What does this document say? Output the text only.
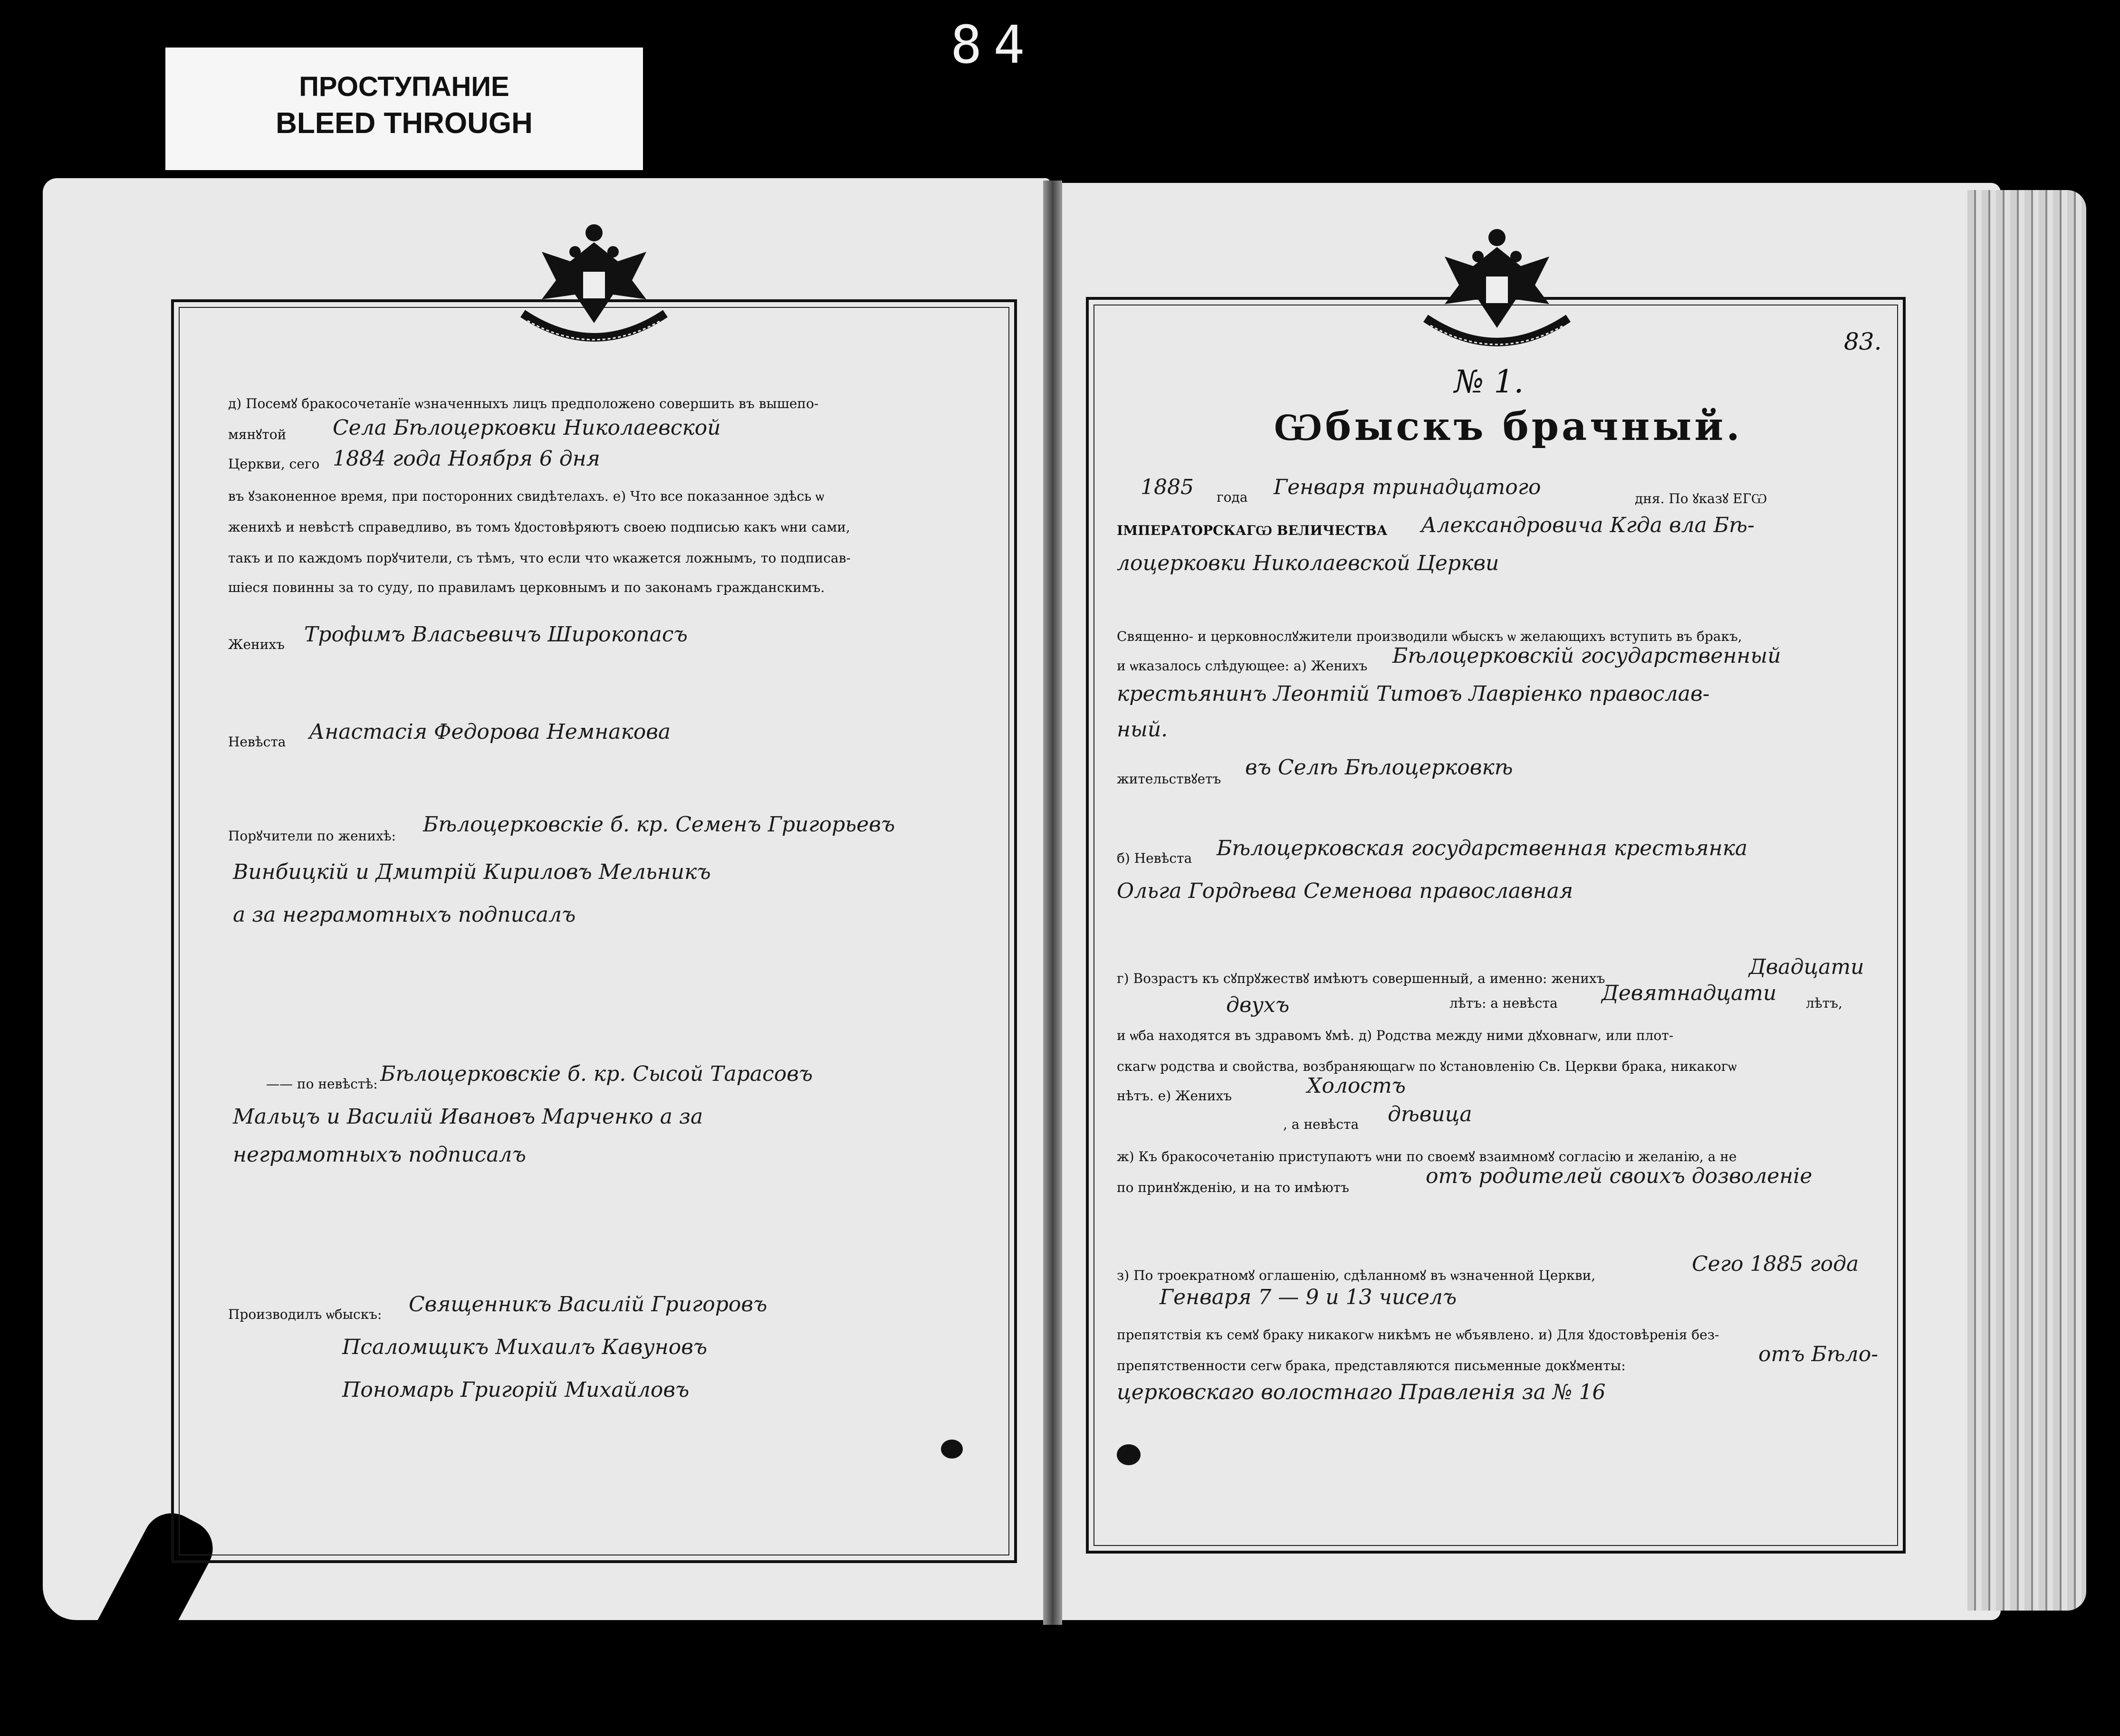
84
ПРОСТУПАНИЕ
BLEED THROUGH
д) Посемꙋ бракосочетанїе ѡзначенныхъ лицъ предположено совершить въ вышепо-
мянꙋтой Села Бѣлоцерковки Николаевской
Церкви, сего 1884 года Ноября 6 дня
въ ꙋзаконенное время, при посторонних свидѣтелахъ. е) Что все показанное здѣсь ѡ
женихѣ и невѣстѣ справедливо, въ томъ ꙋдостовѣряютъ своею подписью какъ ѡни сами,
такъ и по каждомъ порꙋчители, съ тѣмъ, что если что ѡкажется ложнымъ, то подписав-
шiеся повинны за то суду, по правиламъ церковнымъ и по законамъ гражданскимъ.
Женихъ Трофимъ Власьевичъ Широкопасъ
Невѣста Анастасiя Федорова Немнакова
Порꙋчители по женихѣ: Бѣлоцерковскiе б. кр. Семенъ Григорьевъ
Винбицкiй и Дмитрiй Кириловъ Мельникъ
а за неграмотныхъ подписалъ
—— по невѣстѣ: Бѣлоцерковскiе б. кр. Сысой Тарасовъ
Мальцъ и Василiй Ивановъ Марченко а за
неграмотныхъ подписалъ
Производилъ ѡбыскъ: Священникъ Василiй Григоровъ
Псаломщикъ Михаилъ Кавуновъ
Пономарь Григорiй Михайловъ
83.
№ 1.
Ѡбыскъ брачный.
1885 года Генваря тринадцатого	дня. По ꙋказꙋ ЕГѠ
ІМПЕРАТОРСКАГѠ ВЕЛИЧЕСТВА Александровича Кгда вла Бѣ-
лоцерковки Николаевской Церкви
Священно- и церковнослꙋжители производили ѡбыскъ ѡ желающихъ вступить въ бракъ,
и ѡказалось слѣдующее: а) Женихъ Бѣлоцерковскiй государственный
крестьянинъ Леонтiй Титовъ Лаврiенко православ-
ный.
жительствꙋетъ въ Селѣ Бѣлоцерковкѣ
б) Невѣста Бѣлоцерковская государственная крестьянка
Ольга Гордѣева Семенова православная
г) Возрастъ къ сꙋпрꙋжествꙋ имѣютъ совершенный, а именно: женихъ	Двадцати
двухъ	лѣтъ: а невѣста Девятнадцати лѣтъ,
и ѡба находятся въ здравомъ ꙋмѣ. д) Родства между ними дꙋховнагѡ, или плот-
скагѡ родства и свойства, возбраняющагѡ по ꙋстановленiю Св. Церкви брака, никакогѡ
нѣтъ. е) Женихъ	Холостъ
, а невѣста дѣвица
ж) Къ бракосочетанiю приступаютъ ѡни по своемꙋ взаимномꙋ согласiю и желанiю, а не
по принꙋжденiю, и на то имѣютъ	отъ родителей своихъ дозволенiе
з) По троекратномꙋ оглашенiю, сдѣланномꙋ въ ѡзначенной Церкви,	Сего 1885 года
Генваря 7 — 9 и 13 чиселъ
препятствiя къ семꙋ браку никакогѡ никѣмъ не ѡбъявлено. и) Для ꙋдостовѣренiя без-
препятственности сегѡ брака, представляются письменные докꙋменты:	отъ Бѣло-
церковскаго волостнаго Правленiя за № 16
